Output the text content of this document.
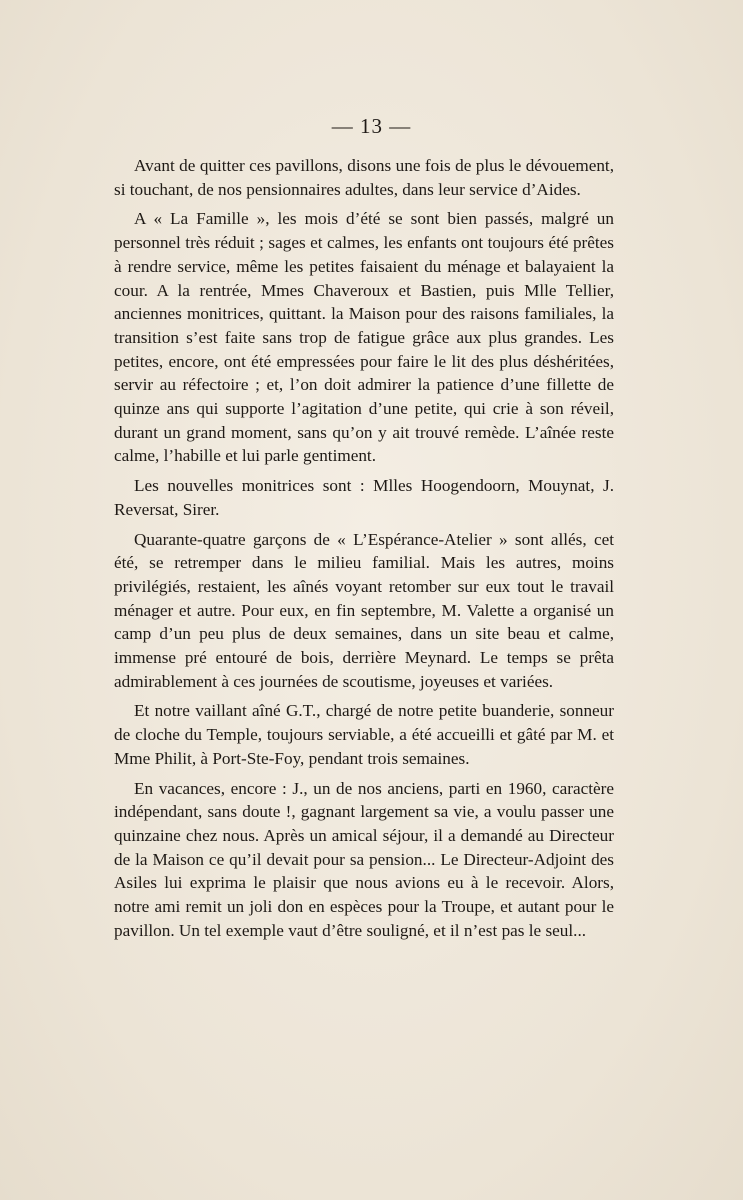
— 13 —

Avant de quitter ces pavillons, disons une fois de plus le dévouement, si touchant, de nos pensionnaires adultes, dans leur service d’Aides.

A « La Famille », les mois d’été se sont bien passés, malgré un personnel très réduit ; sages et calmes, les enfants ont toujours été prêtes à rendre service, même les petites faisaient du ménage et balayaient la cour. A la rentrée, Mmes Chaveroux et Bastien, puis Mlle Tellier, anciennes monitrices, quittant. la Maison pour des raisons familiales, la transition s’est faite sans trop de fatigue grâce aux plus grandes. Les petites, encore, ont été empressées pour faire le lit des plus déshéritées, servir au réfectoire ; et, l’on doit admirer la patience d’une fillette de quinze ans qui supporte l’agitation d’une petite, qui crie à son réveil, durant un grand moment, sans qu’on y ait trouvé remède. L’aînée reste calme, l’habille et lui parle gentiment.

Les nouvelles monitrices sont : Mlles Hoogendoorn, Mouynat, J. Reversat, Sirer.

Quarante-quatre garçons de « L’Espérance-Atelier » sont allés, cet été, se retremper dans le milieu familial. Mais les autres, moins privilégiés, restaient, les aînés voyant retomber sur eux tout le travail ménager et autre. Pour eux, en fin septembre, M. Valette a organisé un camp d’un peu plus de deux semaines, dans un site beau et calme, immense pré entouré de bois, derrière Meynard. Le temps se prêta admirablement à ces journées de scoutisme, joyeuses et variées.

Et notre vaillant aîné G.T., chargé de notre petite buanderie, sonneur de cloche du Temple, toujours serviable, a été accueilli et gâté par M. et Mme Philit, à Port-Ste-Foy, pendant trois semaines.

En vacances, encore : J., un de nos anciens, parti en 1960, caractère indépendant, sans doute !, gagnant largement sa vie, a voulu passer une quinzaine chez nous. Après un amical séjour, il a demandé au Directeur de la Maison ce qu’il devait pour sa pension... Le Directeur-Adjoint des Asiles lui exprima le plaisir que nous avions eu à le recevoir. Alors, notre ami remit un joli don en espèces pour la Troupe, et autant pour le pavillon. Un tel exemple vaut d’être souligné, et il n’est pas le seul...
